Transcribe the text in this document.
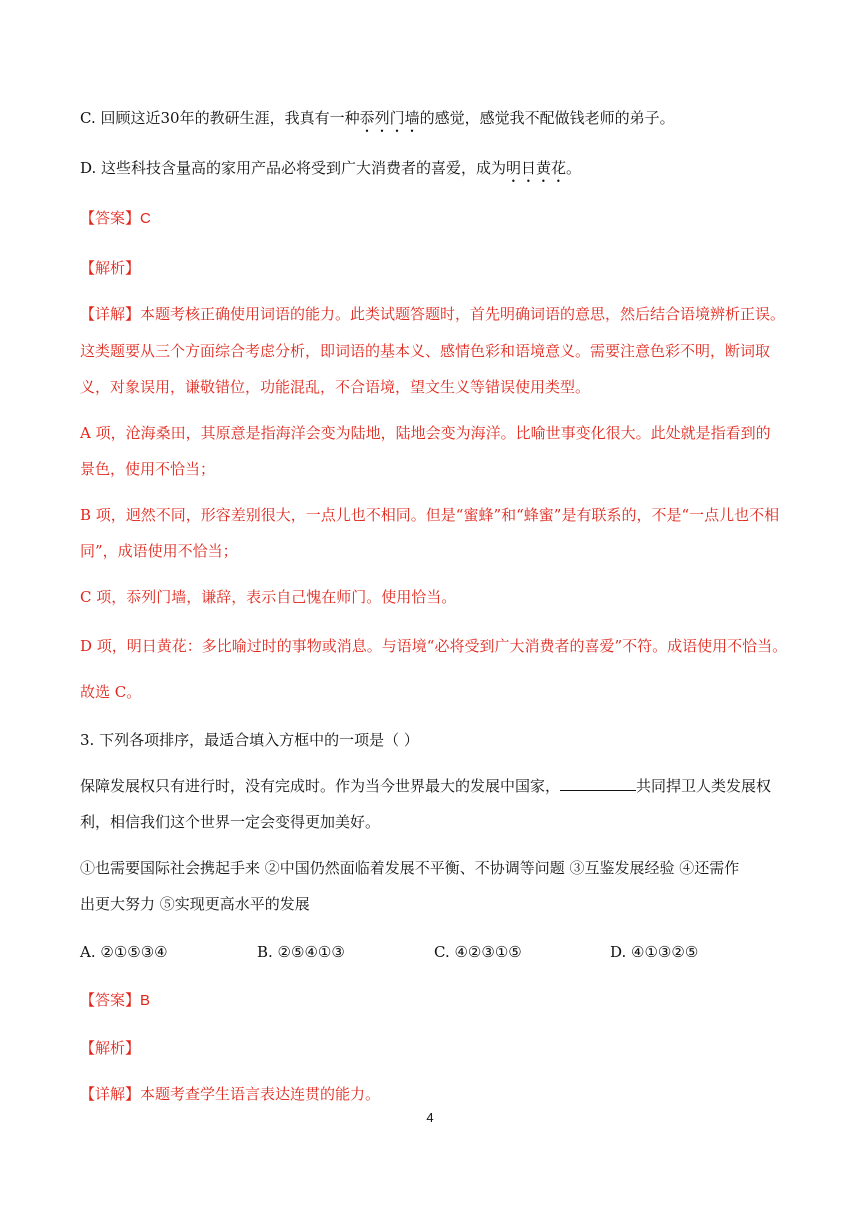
C. 回顾这近30年的教研生涯，我真有一种忝列门墙的感觉，感觉我不配做钱老师的弟子。
D. 这些科技含量高的家用产品必将受到广大消费者的喜爱，成为明日黄花。
【答案】C
【解析】
【详解】本题考核正确使用词语的能力。此类试题答题时，首先明确词语的意思，然后结合语境辨析正误。
这类题要从三个方面综合考虑分析，即词语的基本义、感情色彩和语境意义。需要注意色彩不明，断词取
义，对象误用，谦敬错位，功能混乱，不合语境，望文生义等错误使用类型。
A 项，沧海桑田，其原意是指海洋会变为陆地，陆地会变为海洋。比喻世事变化很大。此处就是指看到的
景色，使用不恰当；
B 项，迥然不同，形容差别很大，一点儿也不相同。但是“蜜蜂”和“蜂蜜”是有联系的，不是“一点儿也不相
同”，成语使用不恰当；
C 项，忝列门墙，谦辞，表示自己愧在师门。使用恰当。
D 项，明日黄花：多比喻过时的事物或消息。与语境“必将受到广大消费者的喜爱”不符。成语使用不恰当。
故选 C。
3. 下列各项排序，最适合填入方框中的一项是（ ）
保障发展权只有进行时，没有完成时。作为当今世界最大的发展中国家，	共同捍卫人类发展权
利，相信我们这个世界一定会变得更加美好。
①也需要国际社会携起手来 ②中国仍然面临着发展不平衡、不协调等问题 ③互鉴发展经验 ④还需作
出更大努力 ⑤实现更高水平的发展
A. ②①⑤③④	B. ②⑤④①③	C. ④②③①⑤	D. ④①③②⑤
【答案】B
【解析】
【详解】本题考查学生语言表达连贯的能力。
4
